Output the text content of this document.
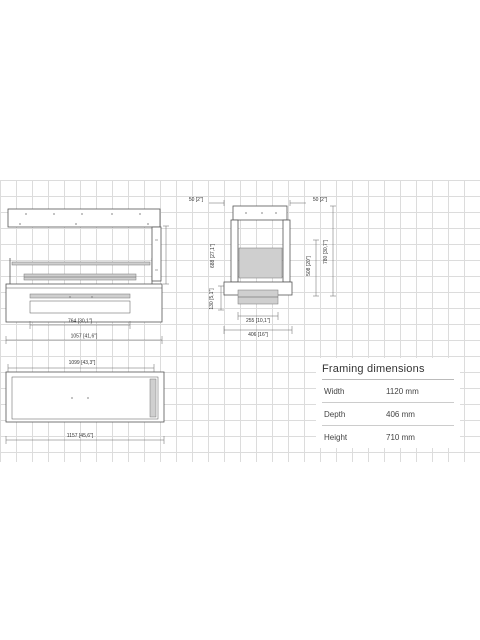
764 [30,1"]
1057 [41,6"]
50 [2"]	50 [2"]
688 [27,1"]
130 [5,1"]
508 [20"]
780 [30,7"]
255 [10,1"]
406 [16"]
1099 [43,3"]
1157 [45,6"]
Framing dimensions
Width	1120 mm
Depth	406 mm
Height	710 mm
